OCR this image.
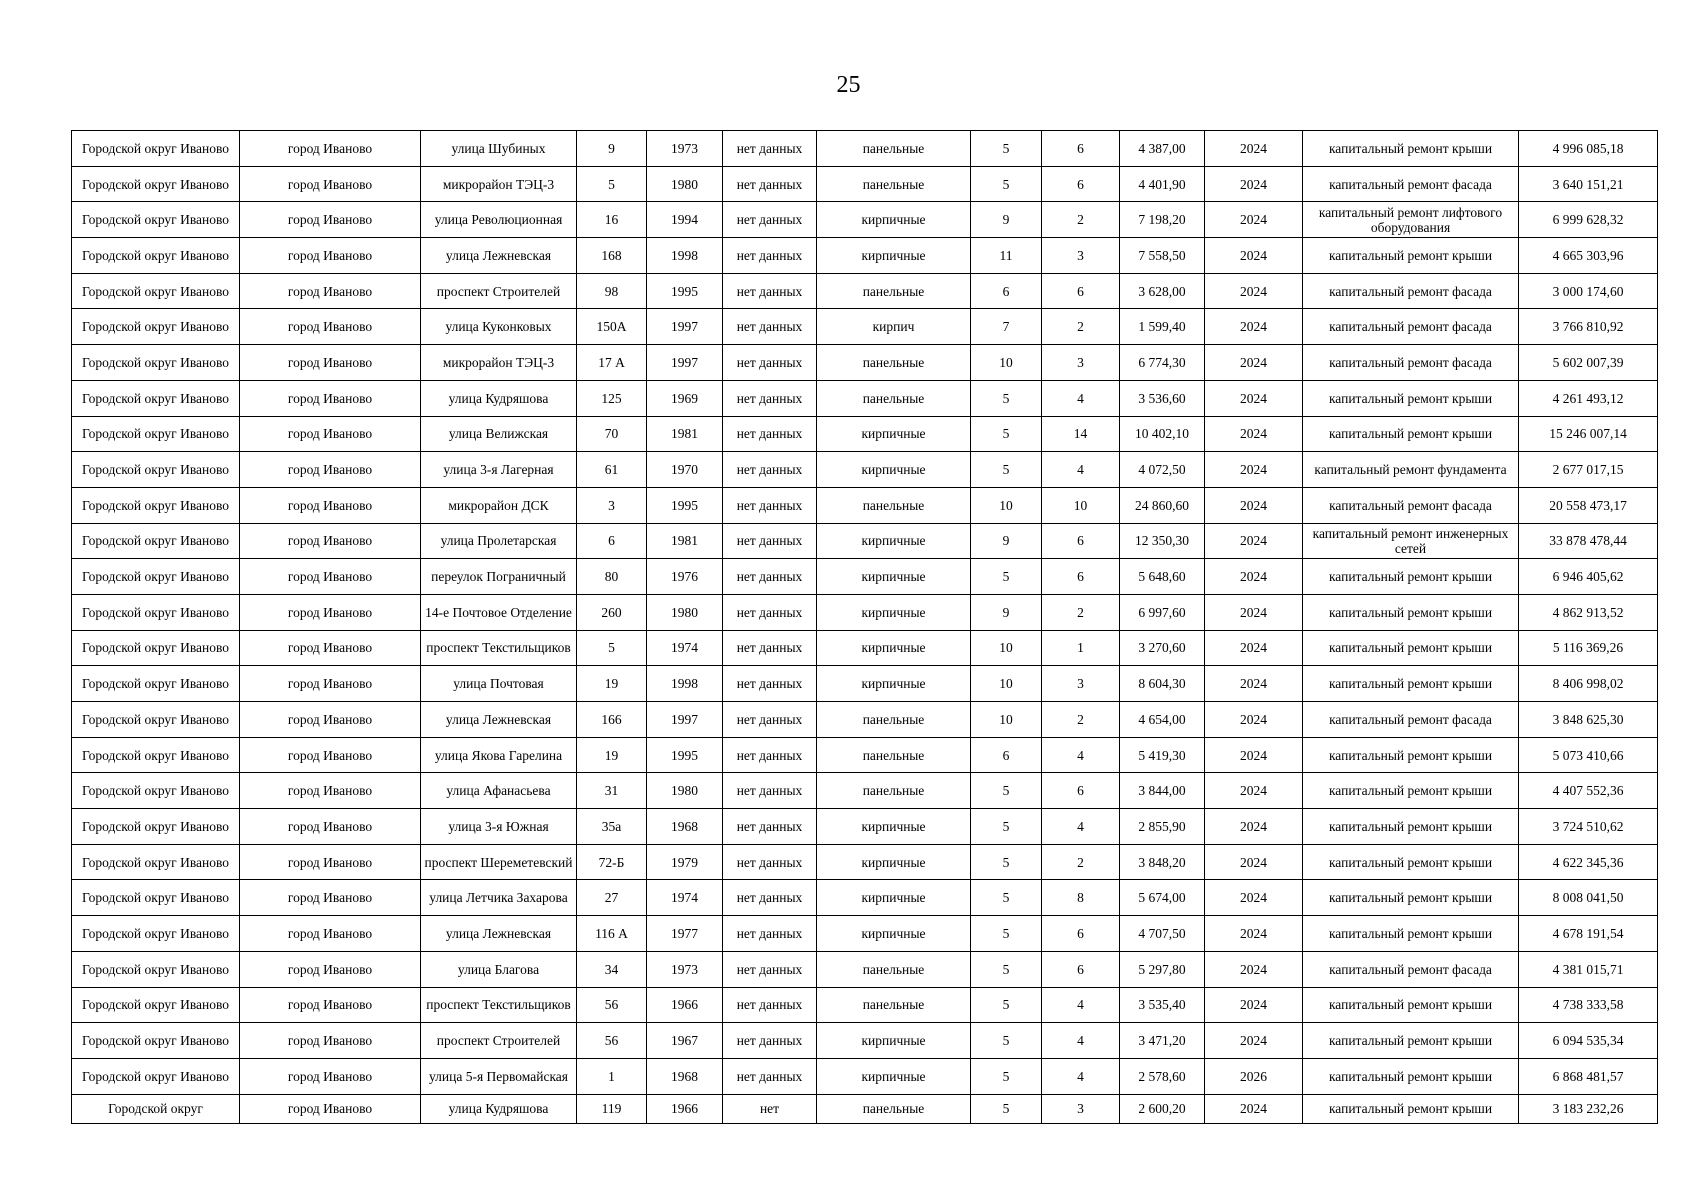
25
Городской округ Иваново	город Иваново	улица Шубиных	9	1973	нет данных	панельные	5	6	4 387,00	2024	капитальный ремонт крыши	4 996 085,18
Городской округ Иваново	город Иваново	микрорайон ТЭЦ-3	5	1980	нет данных	панельные	5	6	4 401,90	2024	капитальный ремонт фасада	3 640 151,21
Городской округ Иваново	город Иваново	улица Революционная	16	1994	нет данных	кирпичные	9	2	7 198,20	2024	капитальный ремонт лифтового оборудования	6 999 628,32
Городской округ Иваново	город Иваново	улица Лежневская	168	1998	нет данных	кирпичные	11	3	7 558,50	2024	капитальный ремонт крыши	4 665 303,96
Городской округ Иваново	город Иваново	проспект Строителей	98	1995	нет данных	панельные	6	6	3 628,00	2024	капитальный ремонт фасада	3 000 174,60
Городской округ Иваново	город Иваново	улица Куконковых	150А	1997	нет данных	кирпич	7	2	1 599,40	2024	капитальный ремонт фасада	3 766 810,92
Городской округ Иваново	город Иваново	микрорайон ТЭЦ-3	17 А	1997	нет данных	панельные	10	3	6 774,30	2024	капитальный ремонт фасада	5 602 007,39
Городской округ Иваново	город Иваново	улица Кудряшова	125	1969	нет данных	панельные	5	4	3 536,60	2024	капитальный ремонт крыши	4 261 493,12
Городской округ Иваново	город Иваново	улица Велижская	70	1981	нет данных	кирпичные	5	14	10 402,10	2024	капитальный ремонт крыши	15 246 007,14
Городской округ Иваново	город Иваново	улица 3-я Лагерная	61	1970	нет данных	кирпичные	5	4	4 072,50	2024	капитальный ремонт фундамента	2 677 017,15
Городской округ Иваново	город Иваново	микрорайон ДСК	3	1995	нет данных	панельные	10	10	24 860,60	2024	капитальный ремонт фасада	20 558 473,17
Городской округ Иваново	город Иваново	улица Пролетарская	6	1981	нет данных	кирпичные	9	6	12 350,30	2024	капитальный ремонт инженерных сетей	33 878 478,44
Городской округ Иваново	город Иваново	переулок Пограничный	80	1976	нет данных	кирпичные	5	6	5 648,60	2024	капитальный ремонт крыши	6 946 405,62
Городской округ Иваново	город Иваново	14-е Почтовое Отделение	260	1980	нет данных	кирпичные	9	2	6 997,60	2024	капитальный ремонт крыши	4 862 913,52
Городской округ Иваново	город Иваново	проспект Текстильщиков	5	1974	нет данных	кирпичные	10	1	3 270,60	2024	капитальный ремонт крыши	5 116 369,26
Городской округ Иваново	город Иваново	улица Почтовая	19	1998	нет данных	кирпичные	10	3	8 604,30	2024	капитальный ремонт крыши	8 406 998,02
Городской округ Иваново	город Иваново	улица Лежневская	166	1997	нет данных	панельные	10	2	4 654,00	2024	капитальный ремонт фасада	3 848 625,30
Городской округ Иваново	город Иваново	улица Якова Гарелина	19	1995	нет данных	панельные	6	4	5 419,30	2024	капитальный ремонт крыши	5 073 410,66
Городской округ Иваново	город Иваново	улица Афанасьева	31	1980	нет данных	панельные	5	6	3 844,00	2024	капитальный ремонт крыши	4 407 552,36
Городской округ Иваново	город Иваново	улица 3-я Южная	35а	1968	нет данных	кирпичные	5	4	2 855,90	2024	капитальный ремонт крыши	3 724 510,62
Городской округ Иваново	город Иваново	проспект Шереметевский	72-Б	1979	нет данных	кирпичные	5	2	3 848,20	2024	капитальный ремонт крыши	4 622 345,36
Городской округ Иваново	город Иваново	улица Летчика Захарова	27	1974	нет данных	кирпичные	5	8	5 674,00	2024	капитальный ремонт крыши	8 008 041,50
Городской округ Иваново	город Иваново	улица Лежневская	116 А	1977	нет данных	кирпичные	5	6	4 707,50	2024	капитальный ремонт крыши	4 678 191,54
Городской округ Иваново	город Иваново	улица Благова	34	1973	нет данных	панельные	5	6	5 297,80	2024	капитальный ремонт фасада	4 381 015,71
Городской округ Иваново	город Иваново	проспект Текстильщиков	56	1966	нет данных	панельные	5	4	3 535,40	2024	капитальный ремонт крыши	4 738 333,58
Городской округ Иваново	город Иваново	проспект Строителей	56	1967	нет данных	кирпичные	5	4	3 471,20	2024	капитальный ремонт крыши	6 094 535,34
Городской округ Иваново	город Иваново	улица 5-я Первомайская	1	1968	нет данных	кирпичные	5	4	2 578,60	2026	капитальный ремонт крыши	6 868 481,57
Городской округ	город Иваново	улица Кудряшова	119	1966	нет	панельные	5	3	2 600,20	2024	капитальный ремонт крыши	3 183 232,26
